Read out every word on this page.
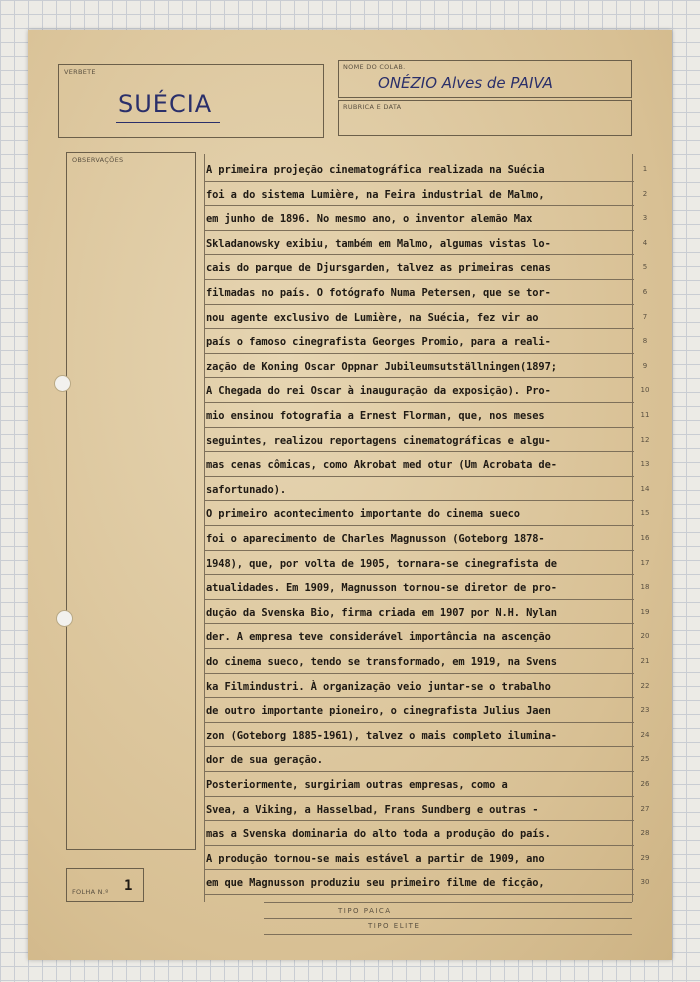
VERBETE
SUÉCIA
NOME DO COLAB.
ONÉZIO Alves de PAIVA
RUBRICA E DATA
OBSERVAÇÕES
FOLHA N.º 1
A primeira projeção cinematográfica realizada na Suécia	1
foi a do sistema Lumière, na Feira industrial de Malmo,	2
em junho de 1896. No mesmo ano, o inventor alemão Max	3
Skladanowsky exibiu, também em Malmo, algumas vistas lo-	4
cais do parque de Djursgarden, talvez as primeiras cenas	5
filmadas no país. O fotógrafo Numa Petersen, que se tor-	6
nou agente exclusivo de Lumière, na Suécia, fez vir ao	7
país o famoso cinegrafista Georges Promio, para a reali-	8
zação de Koning Oscar Oppnar Jubileumsutställningen(1897;	9
A Chegada do rei Oscar à inauguração da exposição). Pro-	10
mio ensinou fotografia a Ernest Florman, que, nos meses	11
seguintes, realizou reportagens cinematográficas e algu-	12
mas cenas cômicas, como Akrobat med otur (Um Acrobata de-	13
safortunado).	14
O primeiro acontecimento importante do cinema sueco	15
foi o aparecimento de Charles Magnusson (Goteborg 1878-	16
1948), que, por volta de 1905, tornara-se cinegrafista de	17
atualidades. Em 1909, Magnusson tornou-se diretor de pro-	18
dução da Svenska Bio, firma criada em 1907 por N.H. Nylan	19
der. A empresa teve considerável importância na ascenção	20
do cinema sueco, tendo se transformado, em 1919, na Svens	21
ka Filmindustri. À organização veio juntar-se o trabalho	22
de outro importante pioneiro, o cinegrafista Julius Jaen	23
zon (Goteborg 1885-1961), talvez o mais completo ilumina-	24
dor de sua geração.	25
Posteriormente, surgiriam outras empresas, como a	26
Svea, a Viking, a Hasselbad, Frans Sundberg e outras -	27
mas a Svenska dominaria do alto toda a produção do país.	28
A produção tornou-se mais estável a partir de 1909, ano	29
em que Magnusson produziu seu primeiro filme de ficção,	30
TIPO PAICA
TIPO ELITE
